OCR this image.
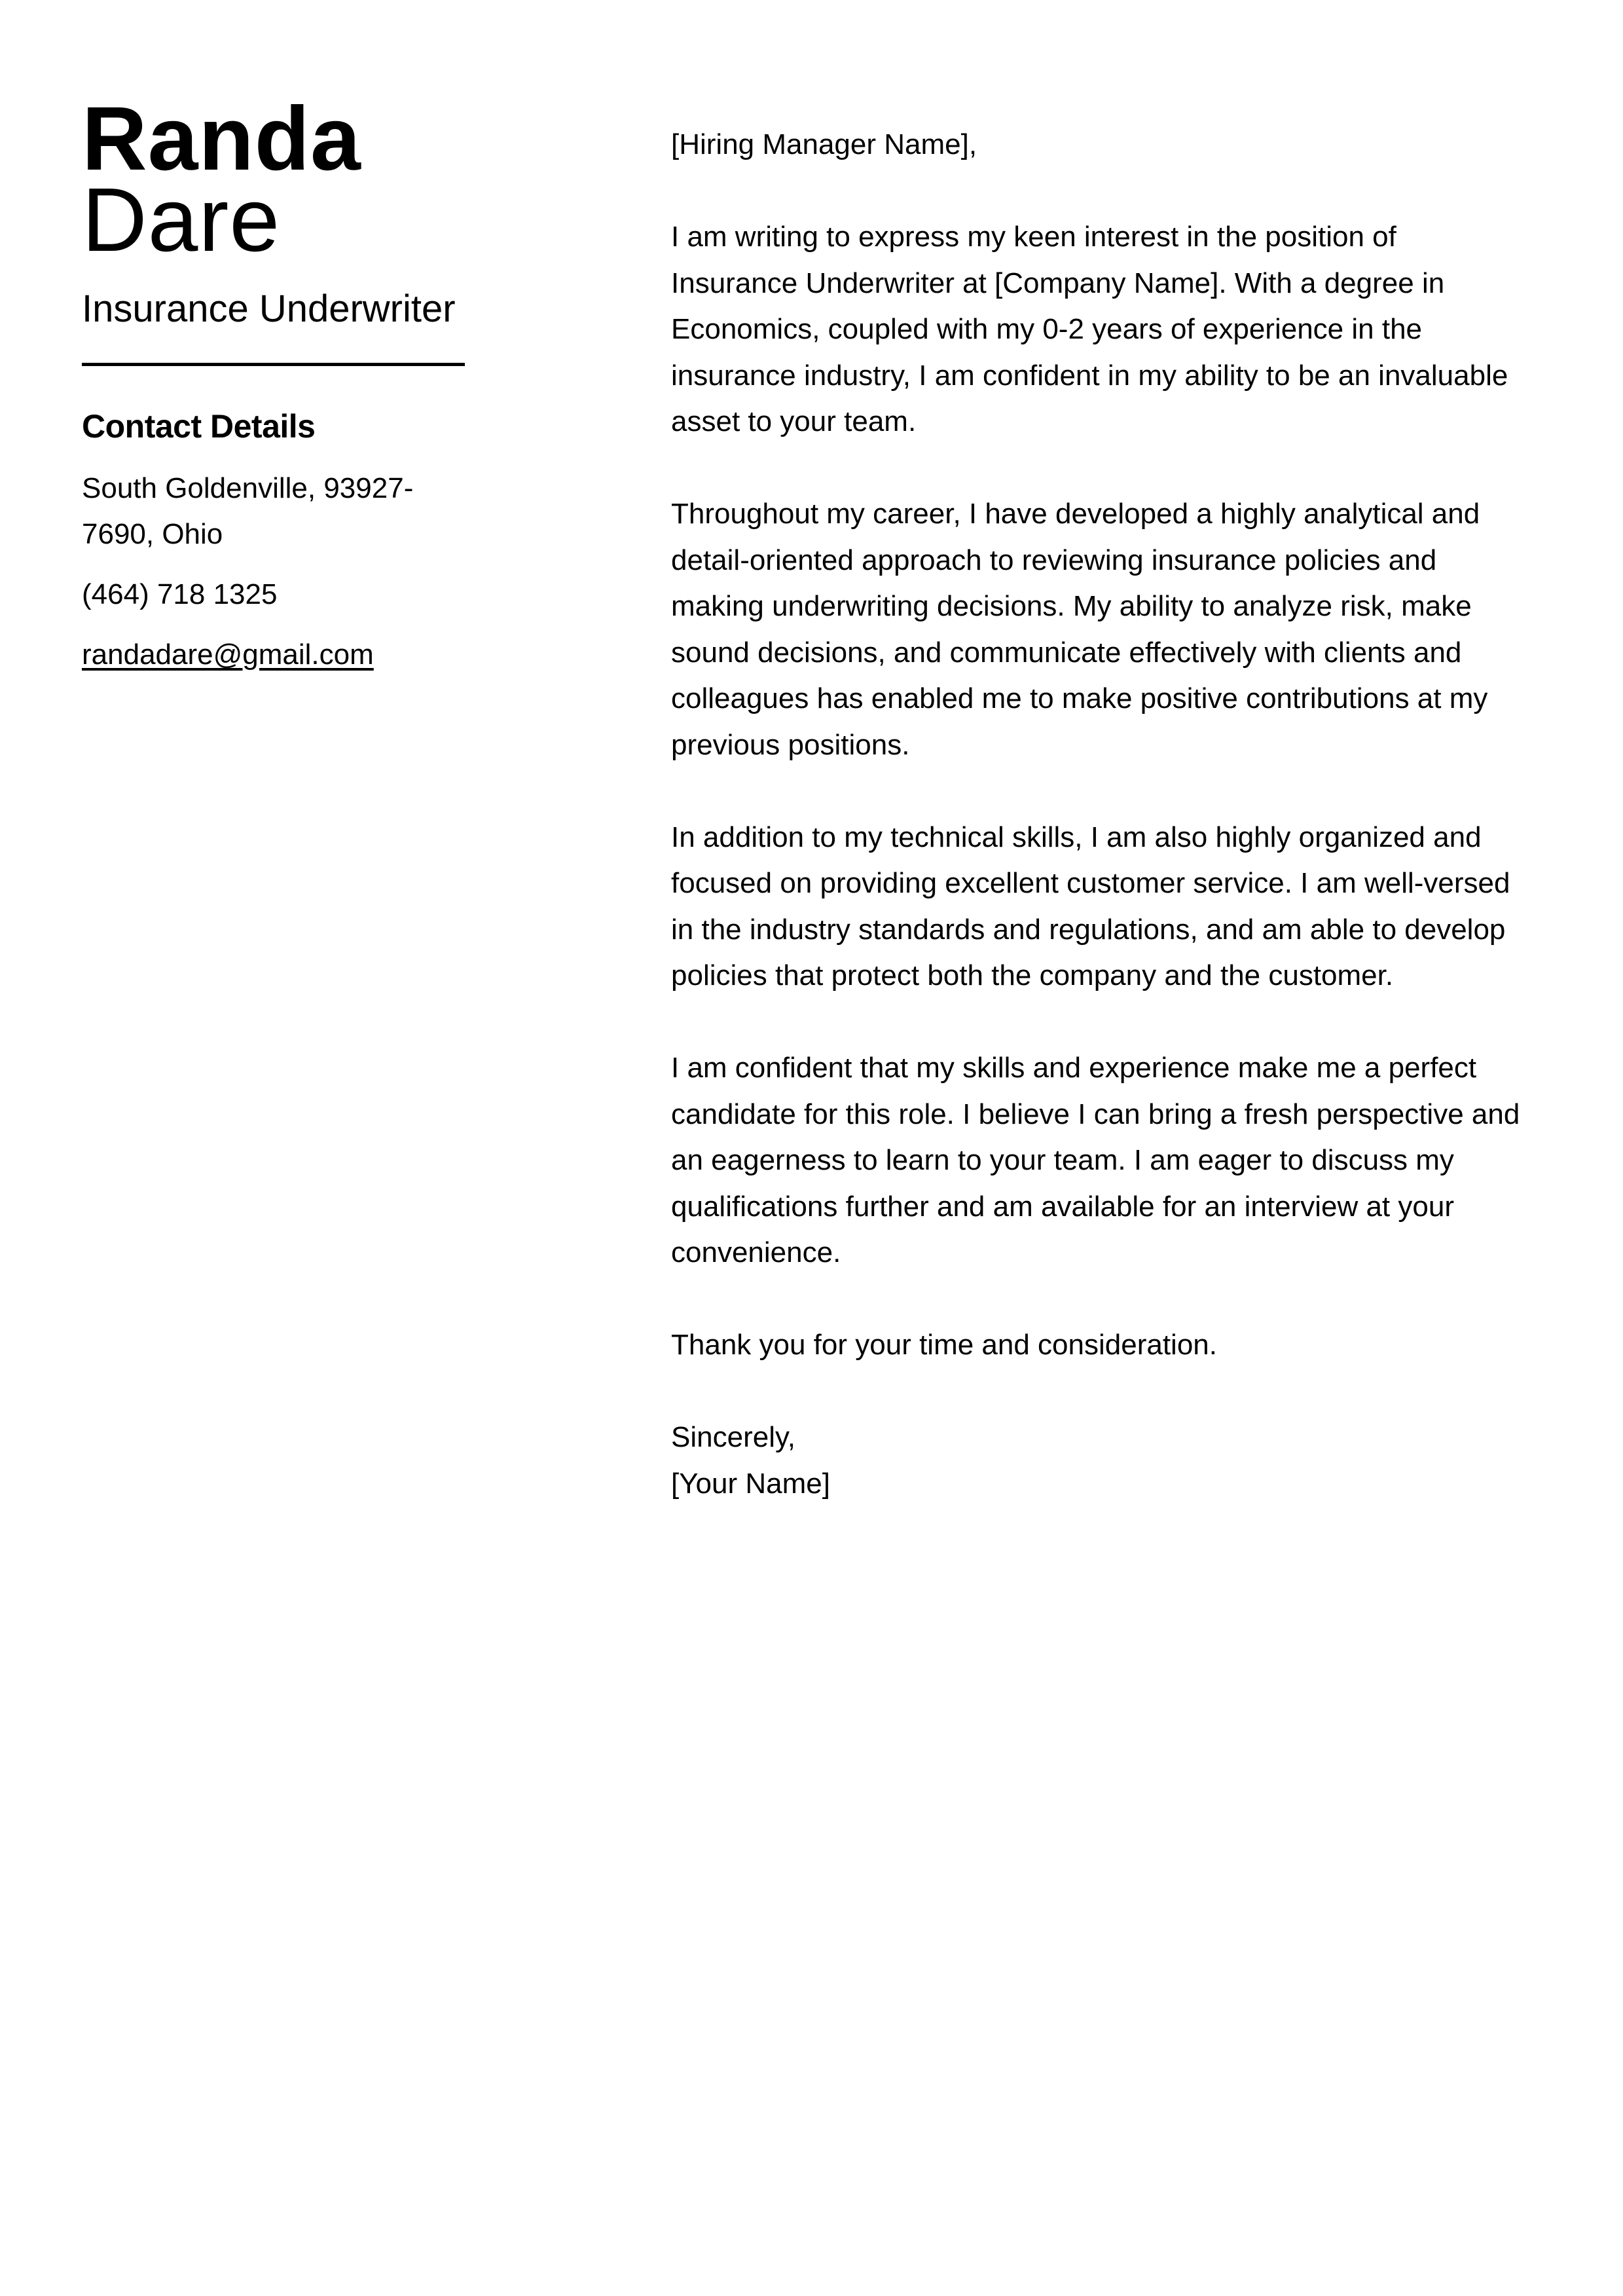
Randa
Dare
Insurance Underwriter
Contact Details
South Goldenville, 93927-7690, Ohio
(464) 718 1325
randadare@gmail.com

[Hiring Manager Name],

I am writing to express my keen interest in the position of Insurance Underwriter at [Company Name]. With a degree in Economics, coupled with my 0-2 years of experience in the insurance industry, I am confident in my ability to be an invaluable asset to your team.

Throughout my career, I have developed a highly analytical and detail-oriented approach to reviewing insurance policies and making underwriting decisions. My ability to analyze risk, make sound decisions, and communicate effectively with clients and colleagues has enabled me to make positive contributions at my previous positions.

In addition to my technical skills, I am also highly organized and focused on providing excellent customer service. I am well-versed in the industry standards and regulations, and am able to develop policies that protect both the company and the customer.

I am confident that my skills and experience make me a perfect candidate for this role. I believe I can bring a fresh perspective and an eagerness to learn to your team. I am eager to discuss my qualifications further and am available for an interview at your convenience.

Thank you for your time and consideration.

Sincerely,

[Your Name]
